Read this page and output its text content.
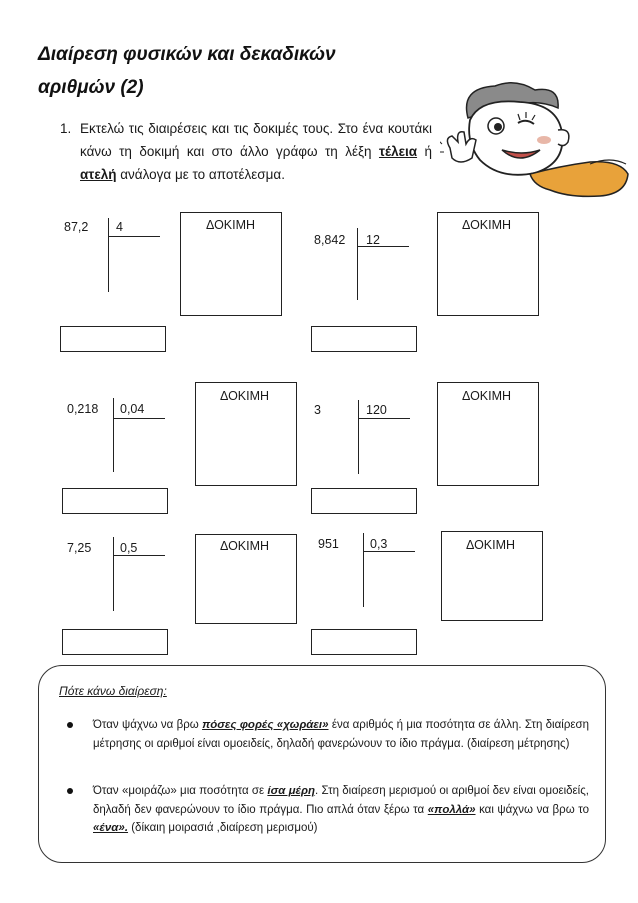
Διαίρεση φυσικών και δεκαδικών
αριθμών (2)
1. Εκτελώ τις διαιρέσεις και τις δοκιμές τους. Στο ένα κουτάκι κάνω τη δοκιμή και στο άλλο γράφω τη λέξη τέλεια ή ατελή ανάλογα με το αποτέλεσμα.
87,2 4	ΔΟΚΙΜΗ
8,842 12
ΔΟΚΙΜΗ
0,218 0,04
ΔΟΚΙΜΗ
3	120
ΔΟΚΙΜΗ
7,25 0,5	ΔΟΚΙΜΗ	951 0,3	ΔΟΚΙΜΗ
Πότε κάνω διαίρεση:
Όταν ψάχνω να βρω πόσες φορές «χωράει» ένα αριθμός ή μια ποσότητα σε άλλη. Στη διαίρεση μέτρησης οι αριθμοί είναι ομοειδείς, δηλαδή φανερώνουν το ίδιο πράγμα. (διαίρεση μέτρησης)
Όταν «μοιράζω» μια ποσότητα σε ίσα μέρη. Στη διαίρεση μερισμού οι αριθμοί δεν είναι ομοειδείς, δηλαδή δεν φανερώνουν το ίδιο πράγμα. Πιο απλά όταν ξέρω τα «πολλά» και ψάχνω να βρω το «ένα». (δίκαιη μοιρασιά ,διαίρεση μερισμού)
